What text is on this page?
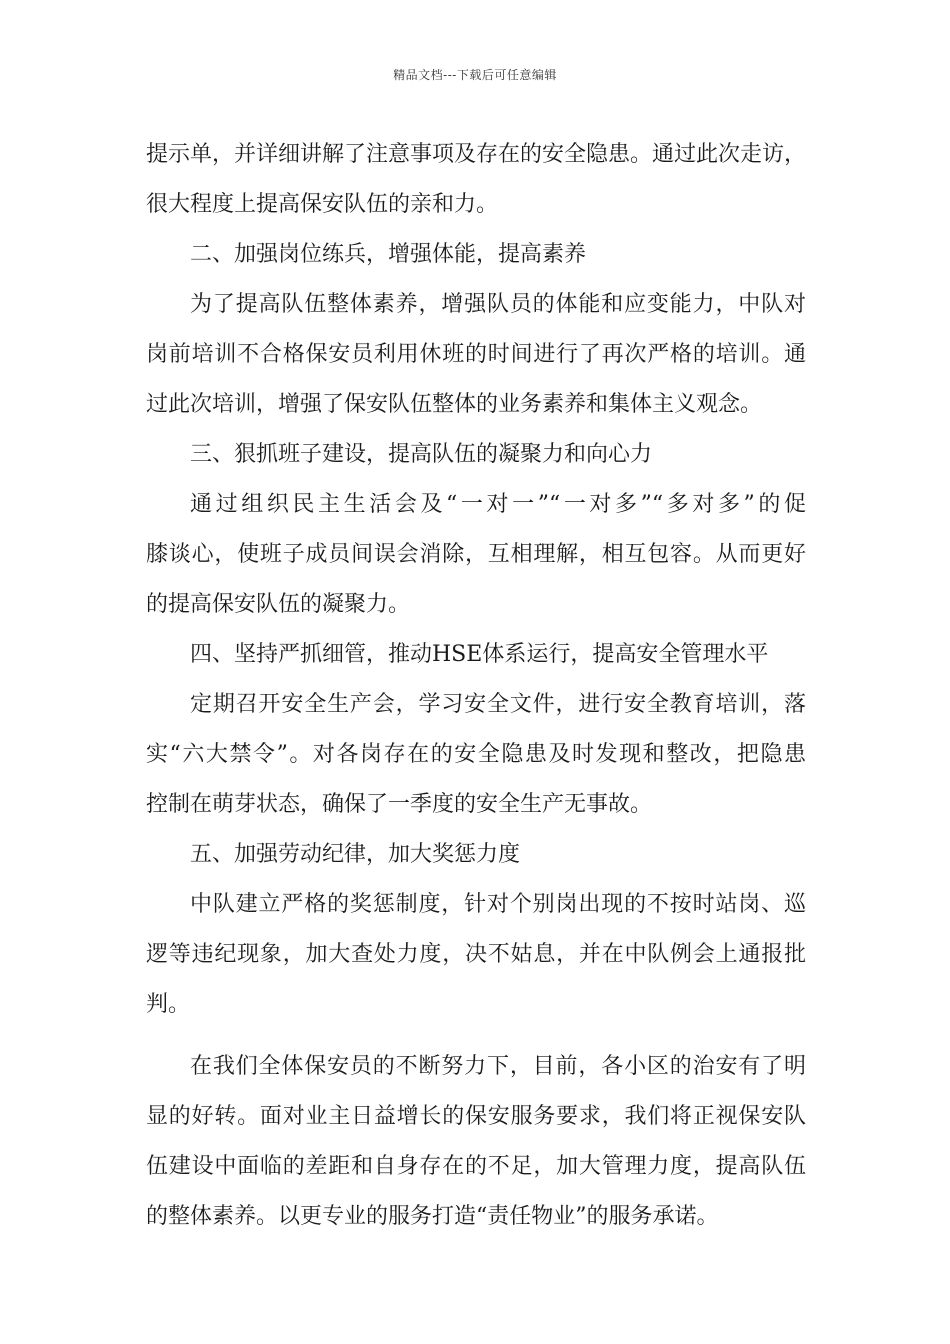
精品文档---下载后可任意编辑
提示单，并详细讲解了注意事项及存在的安全隐患。通过此次走访，
很大程度上提高保安队伍的亲和力。
二、加强岗位练兵，增强体能，提高素养
为了提高队伍整体素养，增强队员的体能和应变能力，中队对
岗前培训不合格保安员利用休班的时间进行了再次严格的培训。通
过此次培训，增强了保安队伍整体的业务素养和集体主义观念。
三、狠抓班子建设，提高队伍的凝聚力和向心力
通过组织民主生活会及“一对一”“一对多”“多对多”的促
膝谈心，使班子成员间误会消除，互相理解，相互包容。从而更好
的提高保安队伍的凝聚力。
四、坚持严抓细管，推动HSE体系运行，提高安全管理水平
定期召开安全生产会，学习安全文件，进行安全教育培训，落
实“六大禁令”。对各岗存在的安全隐患及时发现和整改，把隐患
控制在萌芽状态，确保了一季度的安全生产无事故。
五、加强劳动纪律，加大奖惩力度
中队建立严格的奖惩制度，针对个别岗出现的不按时站岗、巡
逻等违纪现象，加大查处力度，决不姑息，并在中队例会上通报批
判。
在我们全体保安员的不断努力下，目前，各小区的治安有了明
显的好转。面对业主日益增长的保安服务要求，我们将正视保安队
伍建设中面临的差距和自身存在的不足，加大管理力度，提高队伍
的整体素养。以更专业的服务打造“责任物业”的服务承诺。
